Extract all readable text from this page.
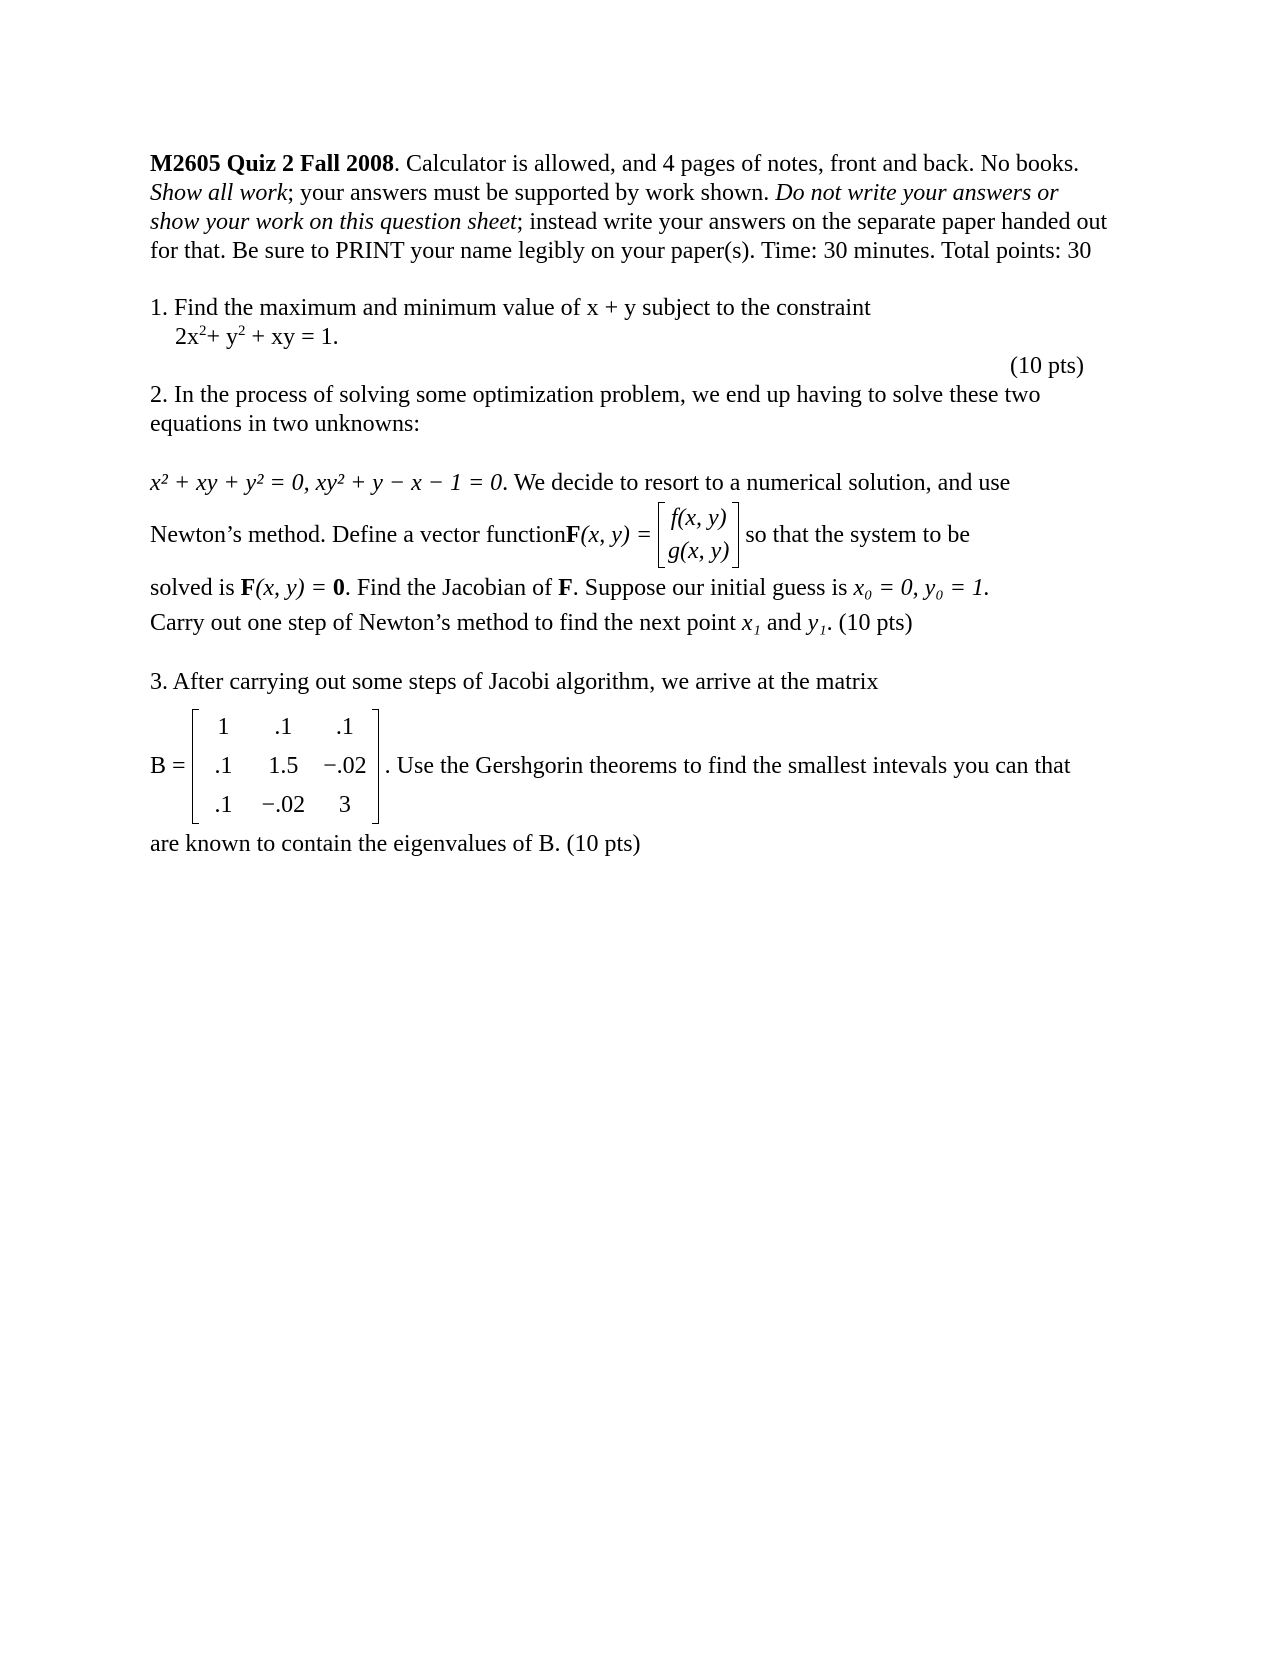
M2605 Quiz 2 Fall 2008. Calculator is allowed, and 4 pages of notes, front and back. No books. Show all work; your answers must be supported by work shown. Do not write your answers or show your work on this question sheet; instead write your answers on the separate paper handed out for that. Be sure to PRINT your name legibly on your paper(s). Time: 30 minutes. Total points: 30

1. Find the maximum and minimum value of x + y subject to the constraint

$2x^2+ y^2$ + xy = 1.

(10 pts)

2. In the process of solving some optimization problem, we end up having to solve these two equations in two unknowns:

x² + xy + y² = 0, xy² + y − x − 1 = 0. We decide to resort to a numerical solution, and use

Newton’s method. Define a vector function F (x, y) =
f(x, y)
g(x, y)
so that the system to be

solved is F(x, y) = 0. Find the Jacobian of F. Suppose our initial guess is x₀ = 0, y₀ = 1.

Carry out one step of Newton’s method to find the next point x₁ and y₁. (10 pts)

3. After carrying out some steps of Jacobi algorithm, we arrive at the matrix

B =
1	.1	.1
.1	1.5 −.02
.1	−.02	3
. Use the Gershgorin theorems to find the smallest intevals you can that

are known to contain the eigenvalues of B. (10 pts)
